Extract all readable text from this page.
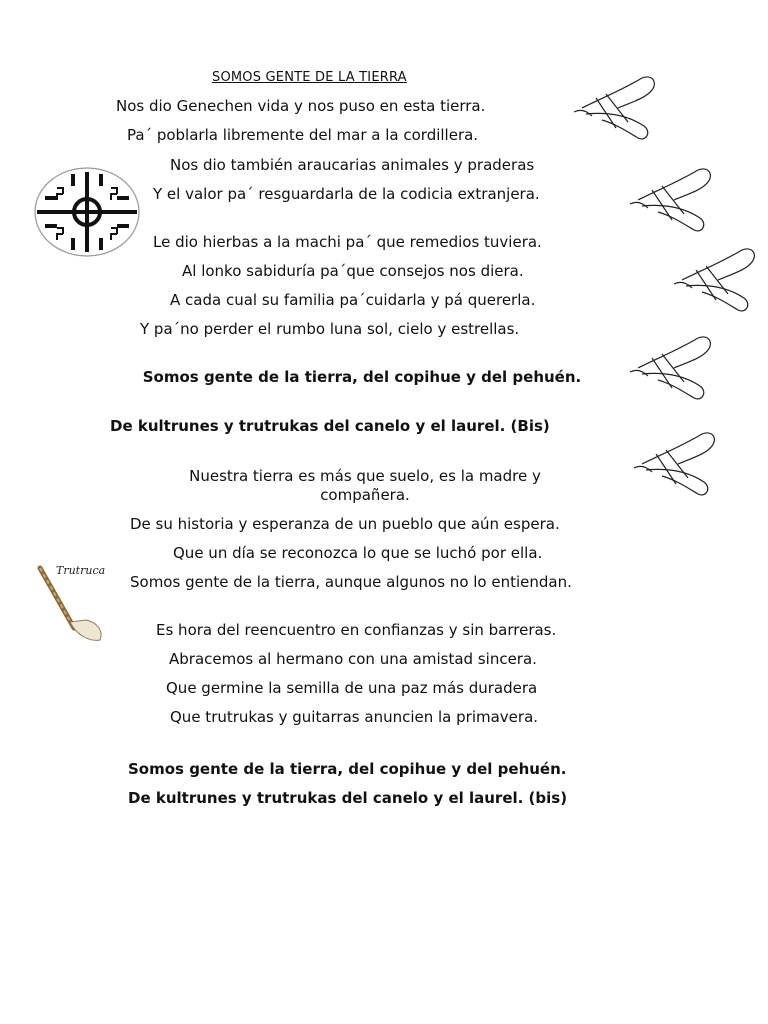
SOMOS GENTE DE LA TIERRA
Nos dio Genechen vida y nos puso en esta tierra.
Pa´ poblarla libremente del mar a la cordillera.
Nos dio también araucarias animales y praderas
Y el valor pa´ resguardarla de la codicia extranjera.
Le dio hierbas a la machi pa´ que remedios tuviera.
Al lonko sabiduría pa´que consejos nos diera.
A cada cual su familia pa´cuidarla y pá quererla.
Y pa´no perder el rumbo luna sol, cielo y estrellas.
Somos gente de la tierra, del copihue y del pehuén.
De kultrunes y trutrukas del canelo y el laurel. (Bis)
Nuestra tierra es más que suelo, es la madre y compañera.
De su historia y esperanza de un pueblo que aún espera.
Que un día se reconozca lo que se luchó por ella.
Somos gente de la tierra, aunque algunos no lo entiendan.
Es hora del reencuentro en confianzas y sin barreras.
Abracemos al hermano con una amistad sincera.
Que germine la semilla de una paz más duradera
Que trutrukas y guitarras anuncien la primavera.
Somos gente de la tierra, del copihue y del pehuén.
De kultrunes y trutrukas del canelo y el laurel. (bis)
Trutruca
